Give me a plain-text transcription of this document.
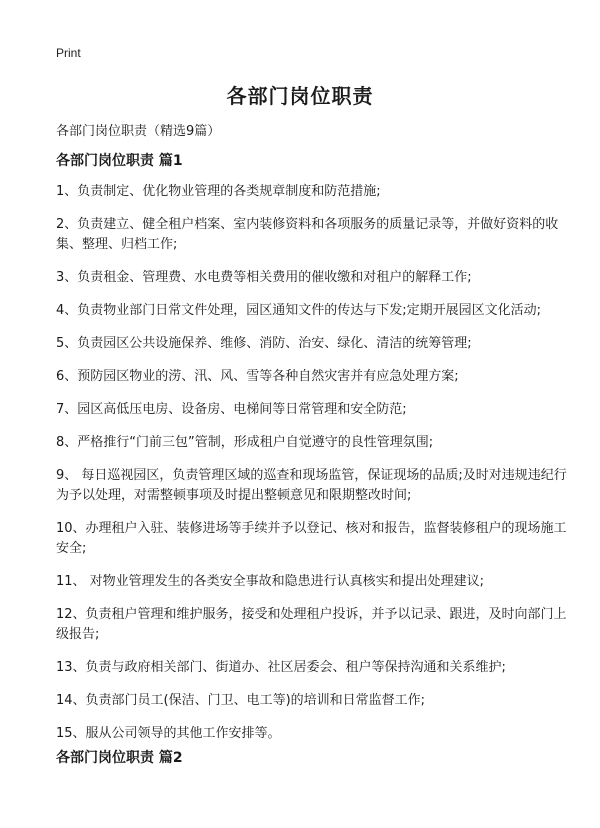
Print
各部门岗位职责
各部门岗位职责（精选9篇）
各部门岗位职责 篇1
1、负责制定、优化物业管理的各类规章制度和防范措施;
2、负责建立、健全租户档案、室内装修资料和各项服务的质量记录等，并做好资料的收集、整理、归档工作;
3、负责租金、管理费、水电费等相关费用的催收缴和对租户的解释工作;
4、负责物业部门日常文件处理，园区通知文件的传达与下发;定期开展园区文化活动;
5、负责园区公共设施保养、维修、消防、治安、绿化、清洁的统筹管理;
6、预防园区物业的涝、汛、风、雪等各种自然灾害并有应急处理方案;
7、园区高低压电房、设备房、电梯间等日常管理和安全防范;
8、严格推行“门前三包”管制，形成租户自觉遵守的良性管理氛围;
9、 每日巡视园区，负责管理区域的巡查和现场监管，保证现场的品质;及时对违规违纪行为予以处理，对需整顿事项及时提出整顿意见和限期整改时间;
10、办理租户入驻、装修进场等手续并予以登记、核对和报告，监督装修租户的现场施工安全;
11、 对物业管理发生的各类安全事故和隐患进行认真核实和提出处理建议;
12、负责租户管理和维护服务，接受和处理租户投诉，并予以记录、跟进，及时向部门上级报告;
13、负责与政府相关部门、街道办、社区居委会、租户等保持沟通和关系维护;
14、负责部门员工(保洁、门卫、电工等)的培训和日常监督工作;
15、服从公司领导的其他工作安排等。
各部门岗位职责 篇2
